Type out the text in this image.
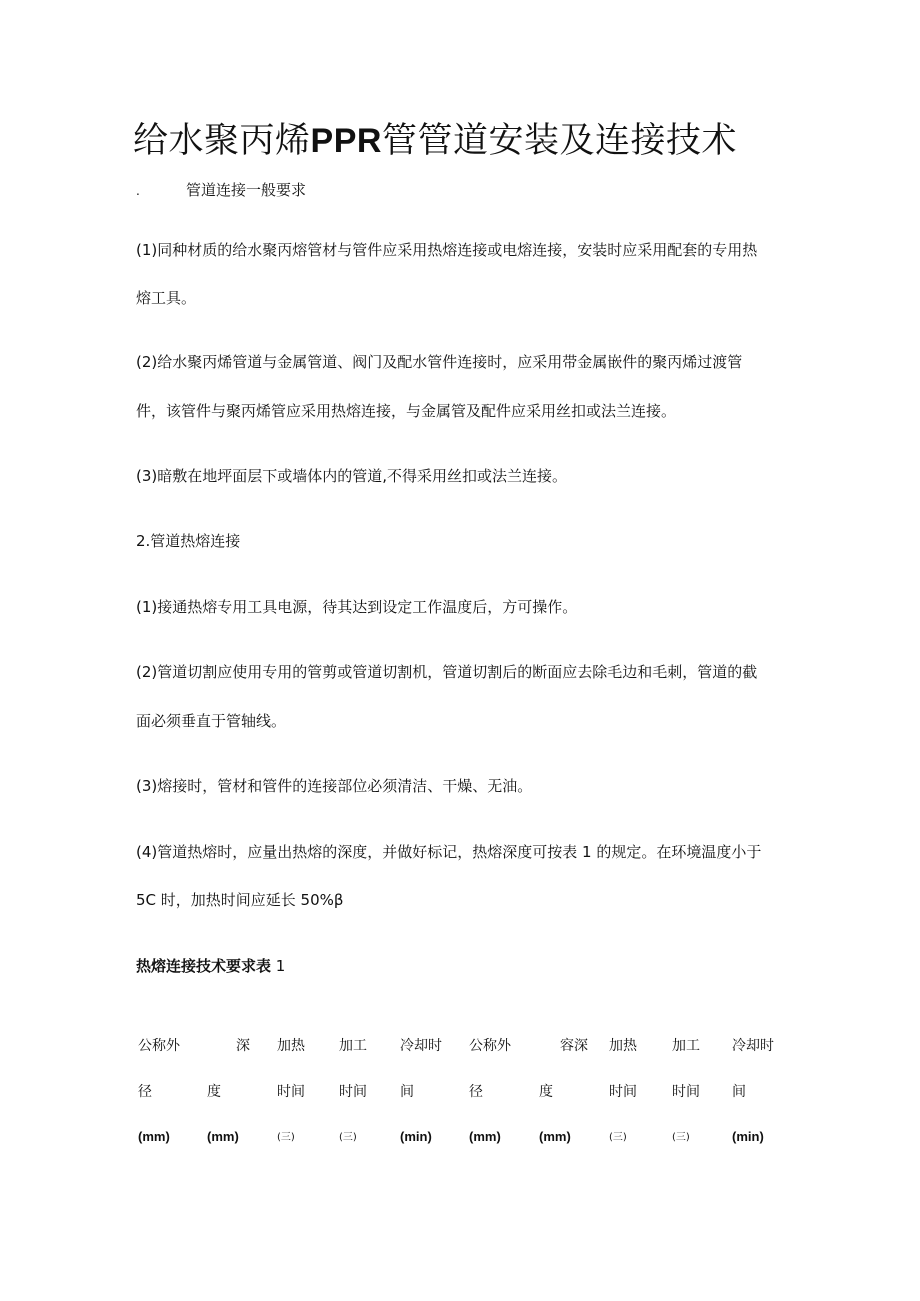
给水聚丙烯PPR管管道安装及连接技术
.	管道连接一般要求
(1)同种材质的给水聚丙熔管材与管件应采用热熔连接或电熔连接，安装时应采用配套的专用热
熔工具。
(2)给水聚丙烯管道与金属管道、阀门及配水管件连接时，应采用带金属嵌件的聚丙烯过渡管
件，该管件与聚丙烯管应采用热熔连接，与金属管及配件应采用丝扣或法兰连接。
(3)暗敷在地坪面层下或墙体内的管道,不得采用丝扣或法兰连接。
2.管道热熔连接
(1)接通热熔专用工具电源，待其达到设定工作温度后，方可操作。
(2)管道切割应使用专用的管剪或管道切割机，管道切割后的断面应去除毛边和毛刺，管道的截
面必须垂直于管轴线。
(3)熔接时，管材和管件的连接部位必须清洁、干燥、无油。
(4)管道热熔时，应量出热熔的深度，并做好标记，热熔深度可按表 1 的规定。在环境温度小于
5C 时，加热时间应延长 50%β
热熔连接技术要求表 1
公称外
径
(mm)
深
度
(mm)
加热
时间
(三)
加工
时间
(三)
冷却时
间
(min)
公称外
径
(mm)
容深
度
(mm)
加热
时间
(三)
加工
时间
(三)
冷却时
间
(min)
